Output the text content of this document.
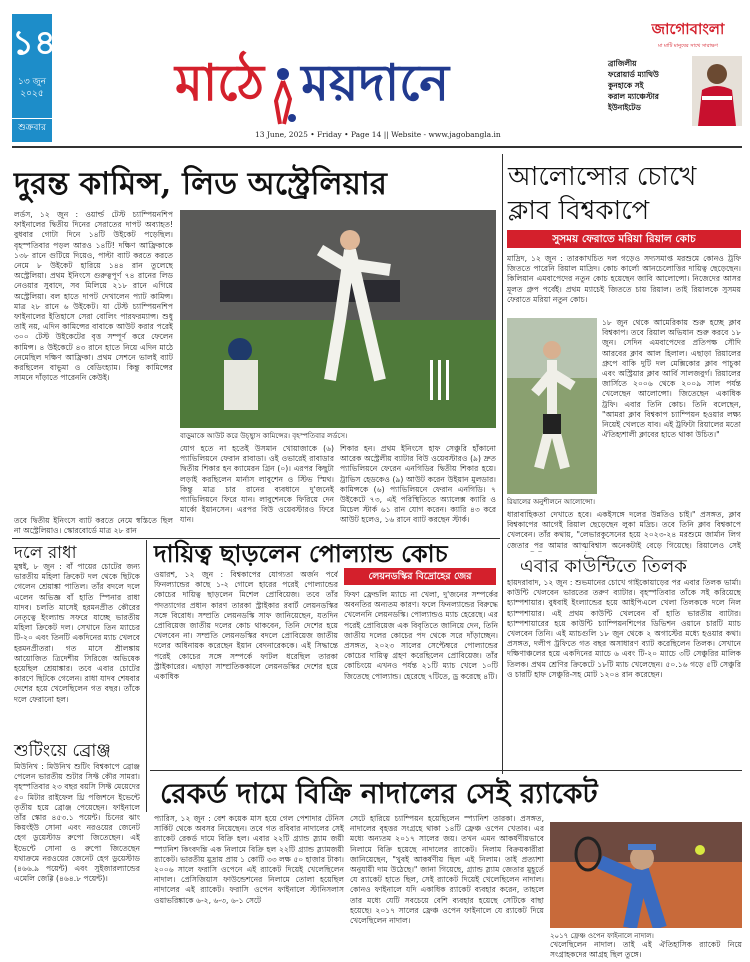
১৪
১৩ জুন
২০২৫
শুক্রবার
মাঠে ময়দানে
13 June, 2025 • Friday • Page 14 || Website - www.jagobangla.in
জাগোবাংলা
মা মাটি মানুষের সাথে সারাক্ষণ
ব্রাজিলীয়
ফরোয়ার্ড ম্যাথিউ
কুনহাকে সই
করাল ম্যাঞ্চেস্টার
ইউনাইটেড
দুরন্ত কামিন্স, লিড অস্ট্রেলিয়ার
লর্ডস, ১২ জুন : ওয়ার্ল্ড টেস্ট চ্যাম্পিয়নশিপ ফাইনালের দ্বিতীয় দিনের সেরাতের দাপট অব্যাহত! বুধবার গোটা দিনে ১৪টি উইকেট পড়েছিল। বৃহস্পতিবার পড়ল আরও ১৪টি! দক্ষিণ আফ্রিকাকে ১৩৮ রানে গুটিয়ে দিয়েও, পাল্টা ব্যাট করতে করতে নেমে ৮ উইকেট হারিয়ে ১৪৪ রান তুলেছে অস্ট্রেলিয়া। প্রথম ইনিংসে গুরুত্বপূর্ণ ৭৪ রানের লিড নেওয়ার সুবাদে, সব মিলিয়ে ২১৮ রানে এগিয়ে অস্ট্রেলিয়া। বল হাতে দাপট দেখালেন প্যাট কামিন্স। মাত্র ২৮ রানে ৬ উইকেট। যা টেস্ট চ্যাম্পিয়নশিপ ফাইনালের ইতিহাসে সেরা বোলিং পারফরম্যান্স। শুধু তাই নয়, এদিন কামিন্সের বাবাকে আউট করার পরেই ৩০০ টেস্ট উইকেটের বৃত্ত সম্পূর্ণ করে ফেলেন কামিন্স। ৪ উইকেটে ৪৩ রানে হাতে নিয়ে এদিন মাঠে নেমেছিল দক্ষিণ আফ্রিকা। প্রথম সেশনে ভালই ব্যাট করছিলেন বাভুমা ও বেডিংহ্যাম। কিন্তু কামিন্সের সামনে দাঁড়াতে পারেননি কেউই।
তবে দ্বিতীয় ইনিংসে ব্যাট করতে নেমে স্বস্তিতে ছিল না অস্ট্রেলিয়াও। স্কোরবোর্ডে মাত্র ২৮ রান
বাড়ুমাকে আউট করে উচ্ছ্বাস কামিন্সের। বৃহস্পতিবার লর্ডসে।
যোগ হতে না হতেই উসমান খোয়াজাকে (৬) প্যাভিলিয়নে ফেরান রাবাডা। ওই ওভারেই রাবাডার দ্বিতীয় শিকার হন ক্যামেরন গ্রিন (০)। এরপর কিছুটা লড়াই করছিলেন মার্নাস লাবুশেন ও স্টিভ স্মিথ। কিন্তু মাত্র চার রানের ব্যবধানে দু'জনেই প্যাভিলিয়নে ফিরে যান। লাবুশেনকে ফিরিয়ে দেন মার্কো ইয়ানসেন। এরপর বিউ ওয়েবস্টারও ফিরে যান।
শিকার হন। প্রথম ইনিংসে হাফ সেঞ্চুরি হাঁকানো আরেক অস্ট্রেলীয় ব্যাটার বিউ ওয়েবস্টারও (৯) দ্রুত প্যাভিলিয়নে ফেরেন এনগিডির দ্বিতীয় শিকার হয়ে। ট্রাভিস হেডকেও (৯) আউট করেন উইয়ান মুলডার। কামিন্সকে (৬) প্যাভিলিয়নে ফেরান এনগিডি। ৭ উইকেটে ৭৩, এই পরিস্থিতিতে অ্যালেক্স ক্যারি ও মিচেল স্টার্ক ৬১ রান যোগ করেন। ক্যারি ৪৩ করে আউট হলেও, ১৬ রানে ব্যাট করছেন স্টার্ক।
আলোন্সোর চোখে
ক্লাব বিশ্বকাপে
সুসময় ফেরাতে মরিয়া রিয়াল কোচ
মাদ্রিদ, ১২ জুন : তারকাখচিত দল গড়েও সদ্যসমাপ্ত মরশুমে কোনও ট্রফি জিততে পারেনি রিয়াল মাদ্রিদ। কোচ কার্লো আনচেলোত্তির দায়িত্ব ছেড়েছেন। কিলিয়ান এমবাপেদের নতুন কোচ হয়েছেন জাবি আলোন্সো। নিজেদের আসর মূলত গ্রুপ পর্বেই। প্রথম ম্যাচেই জিততে চায় রিয়াল। তাই রিয়ালকে সুসময় ফেরাতে মরিয়া নতুন কোচ।
রিয়ালের অনুশীলনে আলোন্সো।
১৮ জুন থেকে আমেরিকায় শুরু হচ্ছে ক্লাব বিশ্বকাপ। তবে রিয়াল অভিযান শুরু করবে ১৮ জুন। সেদিন এমবাপেদের প্রতিপক্ষ সৌদি আরবের ক্লাব আল হিলাল। এছাড়া রিয়ালের গ্রুপে বাকি দুটি দল মেক্সিকোর ক্লাব পাচুকা এবং অস্ট্রিয়ার ক্লাব আর্বি সালজবুর্গ। রিয়ালের জার্সিতে ২০০৬ থেকে ২০০৯ সাল পর্যন্ত খেলেছেন আলোন্সো। জিতেছেন একাধিক ট্রফি। এবার তিনি কোচ। তিনি বলেছেন, "আমরা ক্লাব বিশ্বকাপ চ্যাম্পিয়ন হওয়ার লক্ষ্য নিয়েই খেলতে যাব। এই ট্রফিটা রিয়ালের মতো ঐতিহ্যশালী ক্লাবের হাতে থাকা উচিত।"
ধারাবাহিকতা দেখাতে হবে। একইসঙ্গে দলের উন্নতিও চাই।" প্রসঙ্গত, ক্লাব বিশ্বকাপের আগেই রিয়াল ছেড়েছেন লুকা মদ্রিচ। তবে তিনি ক্লাব বিশ্বকাপে খেলবেন। তাঁর কথায়, "লেভারকুসেনের হয়ে ২০২৩-২৪ মরশুমে জার্মান লিগ জেতার পর আমার আত্মবিশ্বাস অনেকটাই বেড়ে গিয়েছে। রিয়ালেও সেই
দলে রাধা
মুম্বই, ৮ জুন : বাঁ পায়ের চোটের জন্য ভারতীয় মহিলা ক্রিকেট দল থেকে ছিটকে গেলেন শ্রেয়াঙ্কা পাতিল। তাঁর বদলে দলে এলেন অভিজ্ঞ বাঁ হাতি স্পিনার রাধা যাদব। চলতি মাসেই হরমনপ্রীত কৌরের নেতৃত্বে ইংল্যান্ড সফরে যাচ্ছে ভারতীয় মহিলা ক্রিকেট দল। সেখানে তিন ম্যাচের টি-২০ এবং তিনটি একদিনের ম্যাচ খেলবে হরমনপ্রীতরা। গত মাসে শ্রীলঙ্কায় আয়োজিত ত্রিদেশীয় সিরিজে অভিষেক হয়েছিল শ্রেয়াঙ্কার। তবে এবার চোটের কারণে ছিটকে গেলেন। রাধা যাদব শেষবার দেশের হয়ে খেলেছিলেন গত বছর। তাঁকে দলে ফেরানো হল।
শুটিংয়ে ব্রোঞ্জ
মিউনিখ : মিউনিখ শুটিং বিশ্বকাপে ব্রোঞ্জ পেলেন ভারতীয় শুটার সিফ্ট কৌর সামরা। বৃহস্পতিবার ২৩ বছর বয়সি সিফ্ট মেয়েদের ৫০ মিটার রাইফেল থ্রি পজিশনে ইভেন্টে তৃতীয় হয়ে ব্রোঞ্জ পেয়েছেন। ফাইনালে তাঁর স্কোর ৪৫৩.১ পয়েন্ট। চিনের ঝাং কিয়ংইউ সোনা এবং নরওয়ের জেনেট হেগ ডুয়েস্টাড রুপো জিতেছেন। এই ইভেন্টে সোনা ও রুপো জিতেছেন যথাক্রমে নরওয়ের জেনেট হেগ ডুয়েস্টাড (৪৬৬.৯ পয়েন্ট) এবং সুইজারল্যান্ডের এমেলি জেগ্গি (৪৬৪.৮ পয়েন্ট)।
দায়িত্ব ছাড়লেন পোল্যান্ড কোচ
লেয়নডস্কির বিদ্রোহের জের
ওয়ারশ, ১২ জুন : বিশ্বকাপের যোগ্যতা অর্জন পর্বে ফিনল্যান্ডের কাছে ১-২ গোলে হারের পরেই পোল্যান্ডের কোচের দায়িত্ব ছাড়লেন মিশেল প্রোবিয়েজ। তবে তাঁর পদত্যাগের প্রধান কারণ তারকা স্ট্রাইকার রবার্ট লেয়নডস্কির সঙ্গে বিরোধ। সম্প্রতি লেয়নডস্কি সাফ জানিয়েছেন, যতদিন প্রোবিয়েজ জাতীয় দলের কোচ থাকবেন, তিনি দেশের হয়ে খেলবেন না। সম্প্রতি লেয়নডস্কির বদলে প্রোবিয়েজ জাতীয় দলের অধিনায়ক করেছেন ইয়ান বেদনারেককে। এই সিদ্ধান্তে পরেই কোচের সঙ্গে সম্পর্কে ফাটল ধরেছিল তারকা স্ট্রাইকারের। এছাড়া সাম্প্রতিককালে লেয়নডস্কির দেশের হয়ে একাধিক
ফিফা ফ্রেন্ডলি ম্যাচে না খেলা, দু'জনের সম্পর্কের অবনতির অন্যতম কারণ। ফলে ফিনল্যান্ডের বিরুদ্ধে খেলেননি লেয়নডস্কি। পোল্যান্ডও ম্যাচ হেরেছে। এর পরেই প্রোবিয়েজ এক বিবৃতিতে জানিয়ে দেন, তিনি জাতীয় দলের কোচের পদ থেকে সরে দাঁড়াচ্ছেন। প্রসঙ্গত, ২০২৩ সালের সেপ্টেম্বরে পোল্যান্ডের কোচের দায়িত্ব গ্রহণ করেছিলেন প্রোবিয়েজ। তাঁর কোচিংয়ে এখনও পর্যন্ত ২১টি ম্যাচ খেলে ১০টি জিতেছে পোল্যান্ড। হেরেছে ৭টিতে, ড্র করেছে ৪টি।
এবার কাউন্টিতে তিলক
হায়দরাবাদ, ১২ জুন : শুভমানের চোখে গাইকোয়াড়ের পর এবার তিলক ভার্মা। কাউন্টি খেলবেন ভারতের তরুণ ব্যাটার। বৃহস্পতিবার তাঁকে সই করিয়েছে হ্যাম্পশায়ার। বুধবাই ইংল্যান্ডের হয়ে আইপিএলে খেলা তিলককে দলে নিল হ্যাম্পশায়ার। এই প্রথম কাউন্টি খেলবেন বাঁ হাতি ভারতীয় ব্যাটার। হ্যাম্পশায়ারের হয়ে কাউন্টি চ্যাম্পিয়নশিপের ডিভিশন ওয়ানে চারটি ম্যাচ খেলবেন তিনি। এই ম্যাচগুলি ১৮ জুন থেকে ২ অগাস্টের মধ্যে হওয়ার কথা। প্রসঙ্গত, দলীপ ট্রফিতে গত বছর অসাধারণ ব্যাট করেছিলেন তিলক। সেখানে দক্ষিণাঞ্চলের হয়ে একদিনের ম্যাচে ৬ এবং টি-২০ ম্যাচে ৩টি সেঞ্চুরির মালিক তিলক। প্রথম শ্রেণির ক্রিকেটে ১৮টি ম্যাচ খেলেছেন। ৫০.১৬ গড়ে ৫টি সেঞ্চুরি ও চারটি হাফ সেঞ্চুরি-সহ মোট ১২০৪ রান করেছেন।
রেকর্ড দামে বিক্রি নাদালের সেই র‍্যাকেট
প্যারিস, ১২ জুন : বেশ কয়েক মাস হয়ে গেল পেশাদার টেনিস সার্কিট থেকে অবসর নিয়েছেন। তবে গত রবিবার নাদালের সেই র‍্যাকেট রেকর্ড দামে বিক্রি হল। এবার ২২টি গ্র্যান্ড স্ল্যাম জয়ী স্প্যানিশ কিংবদন্তি এক নিলামে বিক্রি হল ২২টি গ্র্যান্ড স্ল্যামজয়ী র‍্যাকেট। ভারতীয় মুদ্রায় প্রায় ১ কোটি ৩৩ লক্ষ ৫০ হাজার টাকা। ২০০৬ সালে ফরাসি ওপেনে এই র‍্যাকেট দিয়েই খেলেছিলেন নাদাল। প্রেসিজিয়াস ফাউন্ডেশনের নিলামে তোলা হয়েছিল নাদালের এই র‍্যাকেট। ফরাসি ওপেন ফাইনালে স্টানিসলাস ওয়াভরিঙ্কাকে ৬-২, ৬-৩, ৬-১ সেটে
সেটে হারিয়ে চ্যাম্পিয়ন হয়েছিলেন স্প্যানিশ তারকা। প্রসঙ্গত, নাদালের বৃহত্তর সংগ্রহে থাকা ১৪টি ফ্রেঞ্চ ওপেন খেতাব। এর মধ্যে অন্যতম ২০১৭ সালের জয়। তখন এমন আকর্ষণীয়ভাবে নিলামে বিক্রি হয়েছে নাদালের র‍্যাকেট। নিলাম বিক্রয়কারীরা জানিয়েছেন, "খুবই আকর্ষণীয় ছিল এই নিলাম। তাই প্রত্যাশা অনুযায়ী দাম উঠেছে।" জানা গিয়েছে, গ্র্যান্ড স্ল্যাম জেতার মুহূর্তে যে র‍্যাকেট হাতে ছিল, সেই র‍্যাকেট দিয়েই খেলেছিলেন নাদাল। কোনও ফাইনালে যদি একাধিক র‍্যাকেট ব্যবহার করেন, তাহলে তার মধ্যে যেটি সবচেয়ে বেশি ব্যবহার হয়েছে সেটিকে বাছা হয়েছে। ২০১৭ সালের ফ্রেঞ্চ ওপেন ফাইনালে যে র‍্যাকেট দিয়ে খেলেছিলেন নাদাল।
২০১৭ ফ্রেঞ্চ ওপেন ফাইনালে নাদাল।
খেলেছিলেন নাদাল। তাই এই ঐতিহাসিক র‍্যাকেট নিয়ে সংগ্রাহকদের আগ্রহ ছিল তুঙ্গে।
